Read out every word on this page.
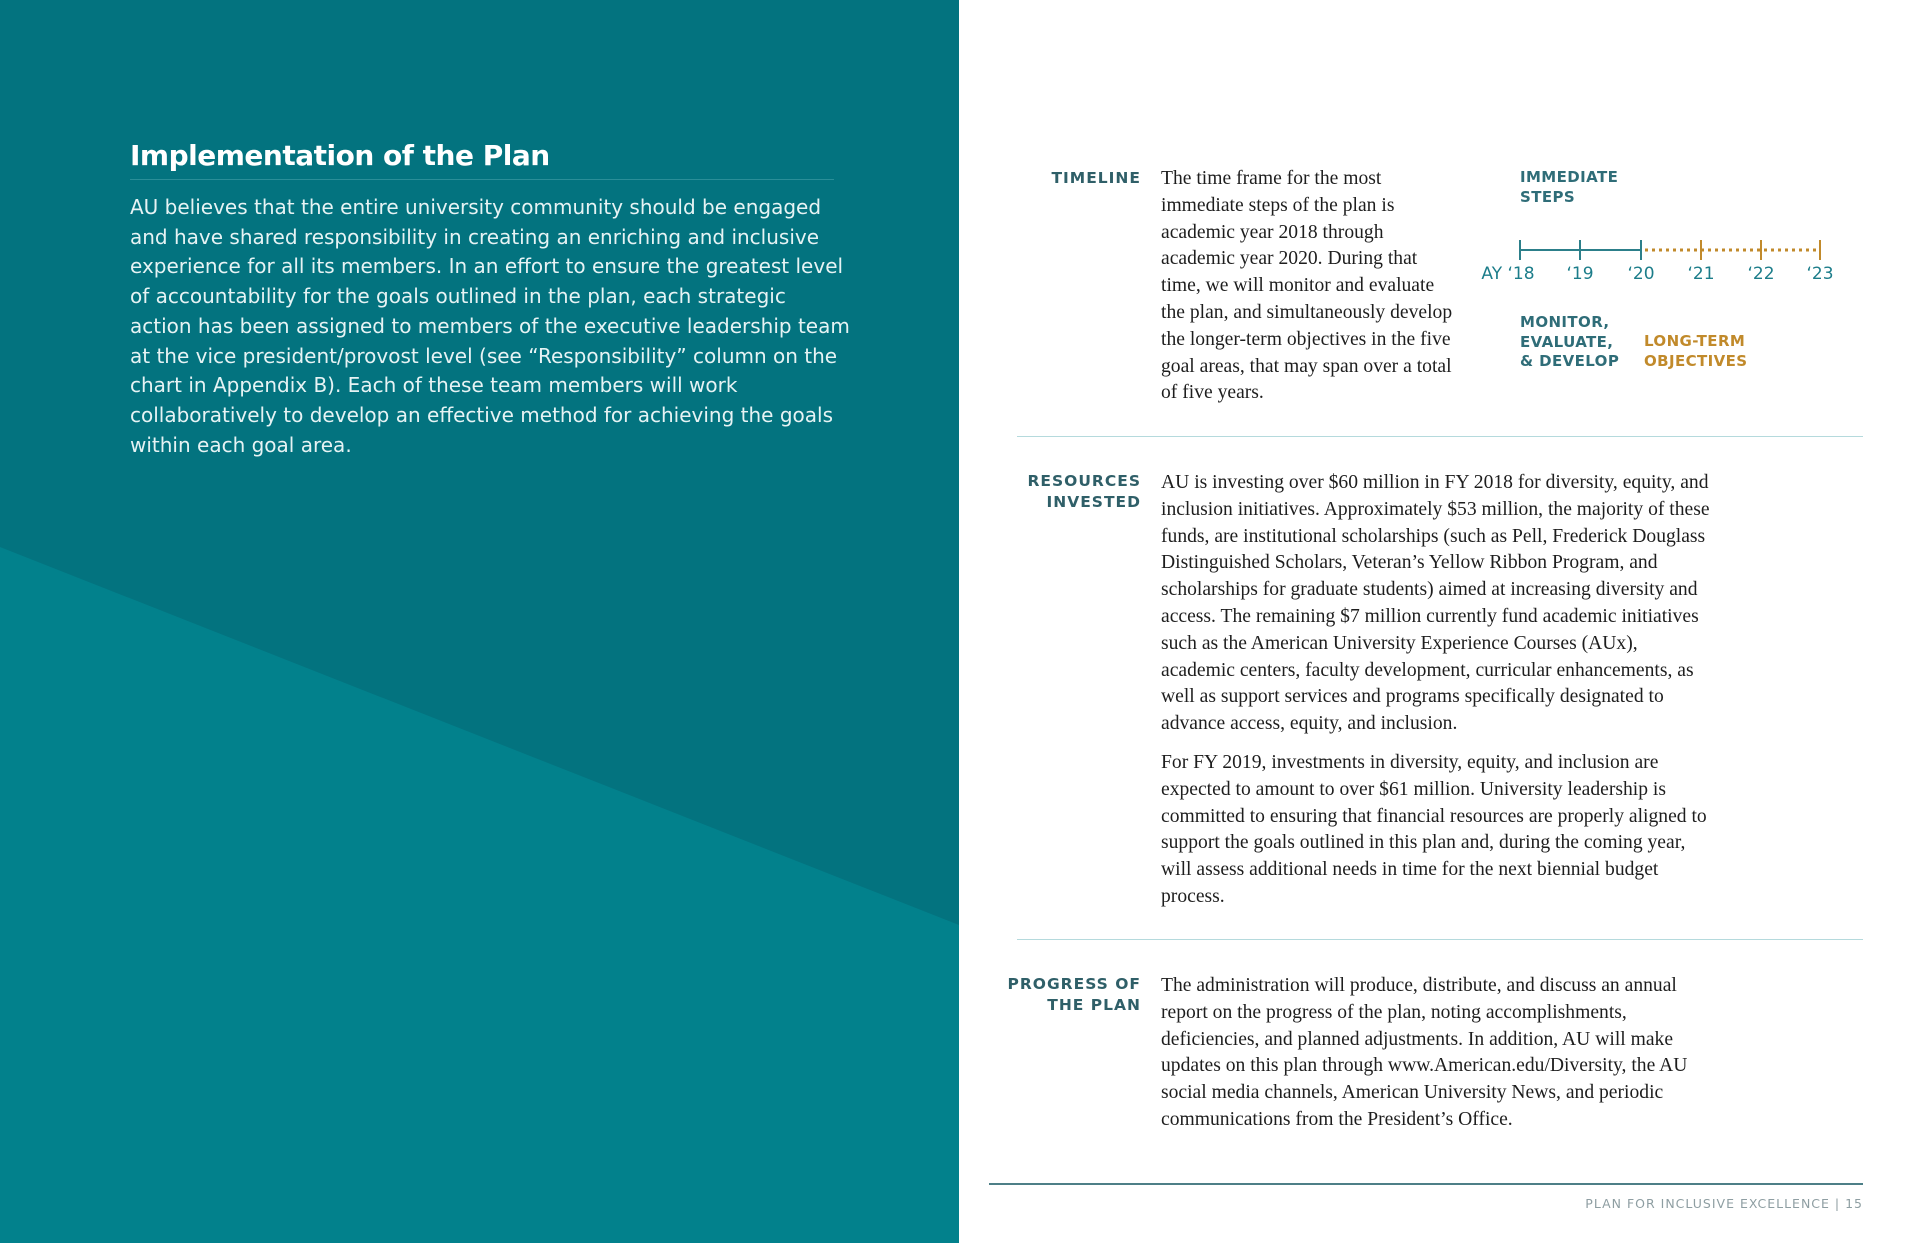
Implementation of the Plan

AU believes that the entire university community should be engaged and have shared responsibility in creating an enriching and inclusive experience for all its members. In an effort to ensure the greatest level of accountability for the goals outlined in the plan, each strategic action has been assigned to members of the executive leadership team at the vice president/provost level (see “Responsibility” column on the chart in Appendix B). Each of these team members will work collaboratively to develop an effective method for achieving the goals within each goal area.

TIMELINE The time frame for the most immediate steps of the plan is academic year 2018 through academic year 2020. During that time, we will monitor and evaluate the plan, and simultaneously develop the longer-term objectives in the five goal areas, that may span over a total of five years.

IMMEDIATE
STEPS
AY ‘18 ‘19 ‘20 ‘21 ‘22 ‘23
MONITOR,
EVALUATE,
& DEVELOP
LONG-TERM
OBJECTIVES
RESOURCES
INVESTED

AU is investing over $60 million in FY 2018 for diversity, equity, and inclusion initiatives. Approximately $53 million, the majority of these funds, are institutional scholarships (such as Pell, Frederick Douglass Distinguished Scholars, Veteran’s Yellow Ribbon Program, and scholarships for graduate students) aimed at increasing diversity and access. The remaining $7 million currently fund academic initiatives such as the American University Experience Courses (AUx), academic centers, faculty development, curricular enhancements, as well as support services and programs specifically designated to advance access, equity, and inclusion.

For FY 2019, investments in diversity, equity, and inclusion are expected to amount to over $61 million. University leadership is committed to ensuring that financial resources are properly aligned to support the goals outlined in this plan and, during the coming year, will assess additional needs in time for the next biennial budget process.

PROGRESS OF
THE PLAN

The administration will produce, distribute, and discuss an annual report on the progress of the plan, noting accomplishments, deficiencies, and planned adjustments. In addition, AU will make updates on this plan through www.American.edu/Diversity, the AU social media channels, American University News, and periodic communications from the President’s Office.

PLAN FOR INCLUSIVE EXCELLENCE | 15
